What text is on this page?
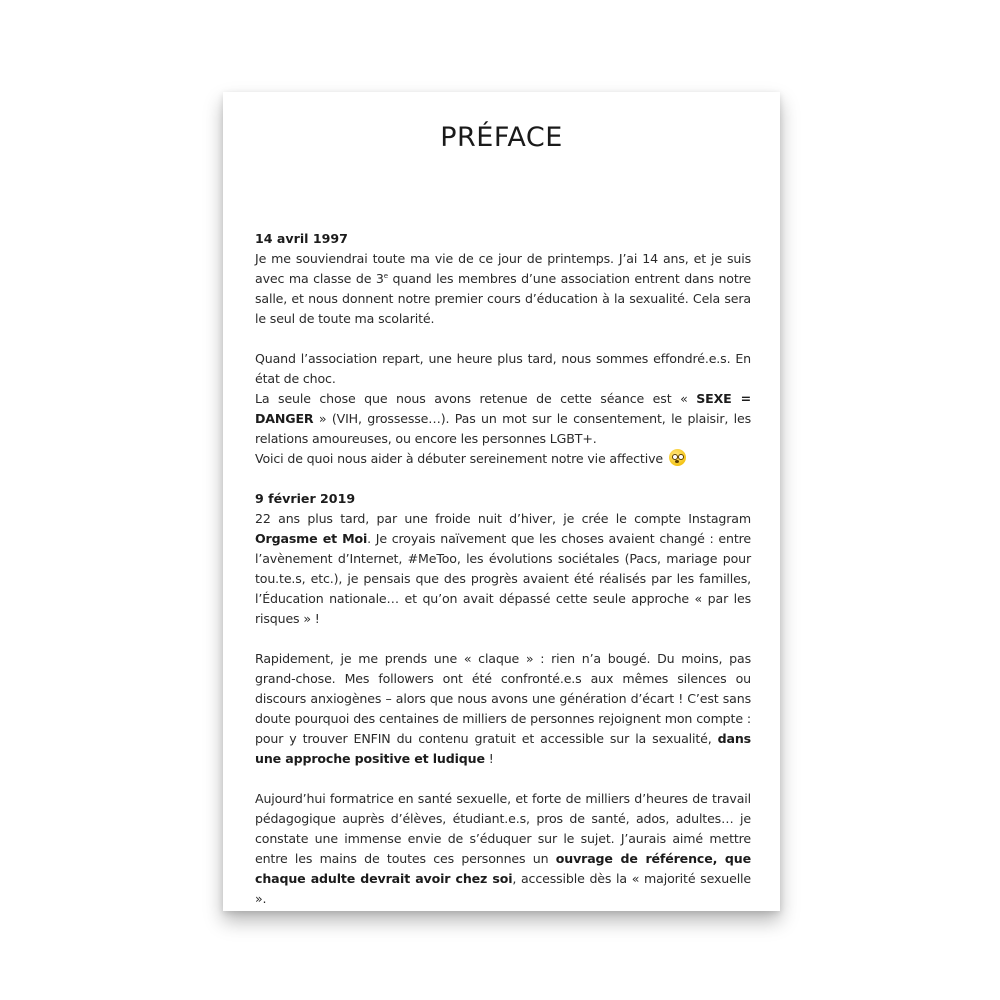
PRÉFACE
14 avril 1997

Je me souviendrai toute ma vie de ce jour de printemps. J’ai 14 ans, et je suis avec ma classe de 3e quand les membres d’une association entrent dans notre salle, et nous donnent notre premier cours d’éducation à la sexualité. Cela sera le seul de toute ma scolarité.

Quand l’association repart, une heure plus tard, nous sommes effondré.e.s. En état de choc.

La seule chose que nous avons retenue de cette séance est « SEXE = DANGER » (VIH, grossesse…). Pas un mot sur le consentement, le plaisir, les relations amoureuses, ou encore les personnes LGBT+.

Voici de quoi nous aider à débuter sereinement notre vie affective

9 février 2019

22 ans plus tard, par une froide nuit d’hiver, je crée le compte Instagram Orgasme et Moi. Je croyais naïvement que les choses avaient changé : entre l’avènement d’Internet, #MeToo, les évolutions sociétales (Pacs, mariage pour tou.te.s, etc.), je pensais que des progrès avaient été réalisés par les familles, l’Éducation nationale… et qu’on avait dépassé cette seule approche « par les risques » !

Rapidement, je me prends une « claque » : rien n’a bougé. Du moins, pas grand-chose. Mes followers ont été confronté.e.s aux mêmes silences ou discours anxiogènes – alors que nous avons une génération d’écart ! C’est sans doute pourquoi des centaines de milliers de personnes rejoignent mon compte : pour y trouver ENFIN du contenu gratuit et accessible sur la sexualité, dans une approche positive et ludique !

Aujourd’hui formatrice en santé sexuelle, et forte de milliers d’heures de travail pédagogique auprès d’élèves, étudiant.e.s, pros de santé, ados, adultes… je constate une immense envie de s’éduquer sur le sujet. J’aurais aimé mettre entre les mains de toutes ces personnes un ouvrage de référence, que chaque adulte devrait avoir chez soi, accessible dès la « majorité sexuelle ».
